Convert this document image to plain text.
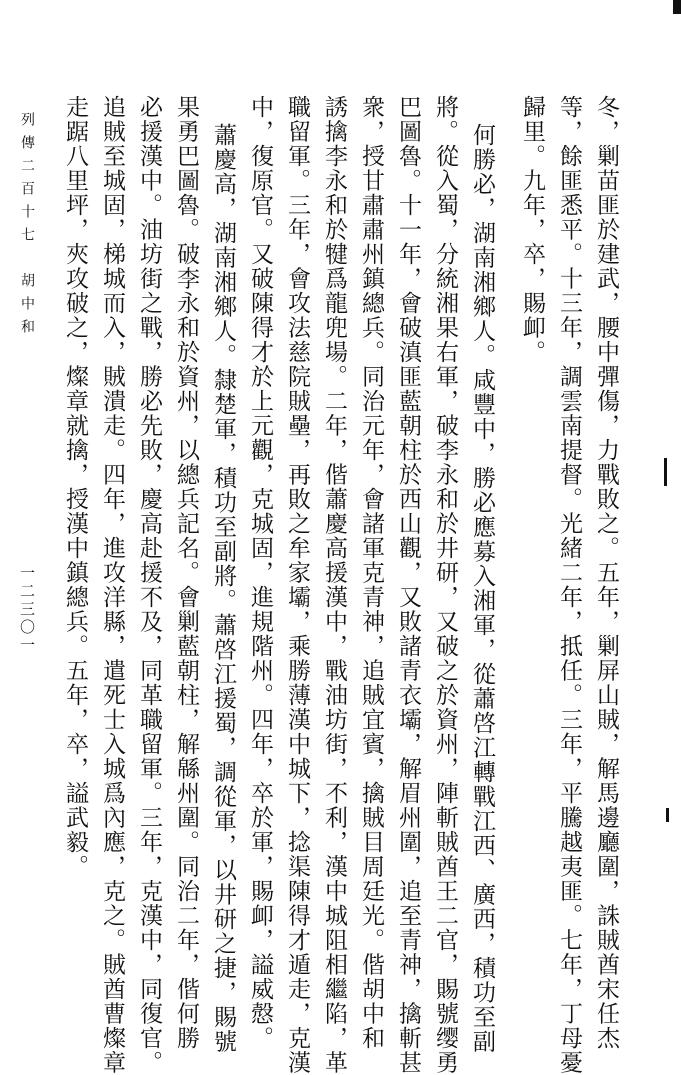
冬，剿苗匪於建武，腰中彈傷，力戰敗之。五年，剿屏山賊，解馬邊廳圍，誅賊酋宋任杰
等，餘匪悉平。十三年，調雲南提督。光緒二年，抵任。三年，平騰越夷匪。七年，丁母憂
歸里。九年，卒，賜卹。
何勝必，湖南湘鄉人。咸豐中，勝必應募入湘軍，從蕭啓江轉戰江西、廣西，積功至副
將。從入蜀，分統湘果右軍，破李永和於井研，又破之於資州，陣斬賊酋王二官，賜號缨勇
巴圖魯。十一年，會破滇匪藍朝柱於西山觀，又敗諸青衣壩，解眉州圍，追至青神，擒斬甚
衆，授甘肅肅州鎮總兵。同治元年，會諸軍克青神，追賊宜賓，擒賊目周廷光。偕胡中和
誘擒李永和於犍爲龍兜場。二年，偕蕭慶高援漢中，戰油坊街，不利，漢中城阻相繼陷，革
職留軍。三年，會攻法慈院賊壘，再敗之牟家壩，乘勝薄漢中城下，捻渠陳得才遁走，克漢
中，復原官。又破陳得才於上元觀，克城固，進規階州。四年，卒於軍，賜卹，謚威慤。
蕭慶高，湖南湘鄉人。隸楚軍，積功至副將。蕭啓江援蜀，調從軍，以井研之捷，賜號
果勇巴圖魯。破李永和於資州，以總兵記名。會剿藍朝柱，解緜州圍。同治二年，偕何勝
必援漢中。油坊街之戰，勝必先敗，慶高赴援不及，同革職留軍。三年，克漢中，同復官。
追賊至城固，梯城而入，賊潰走。四年，進攻洋縣，遣死士入城爲內應，克之。賊酋曹燦章
走踞八里坪，夾攻破之，燦章就擒，授漢中鎮總兵。五年，卒，謚武毅。
列傳二百十七　胡中和
一二三〇一
